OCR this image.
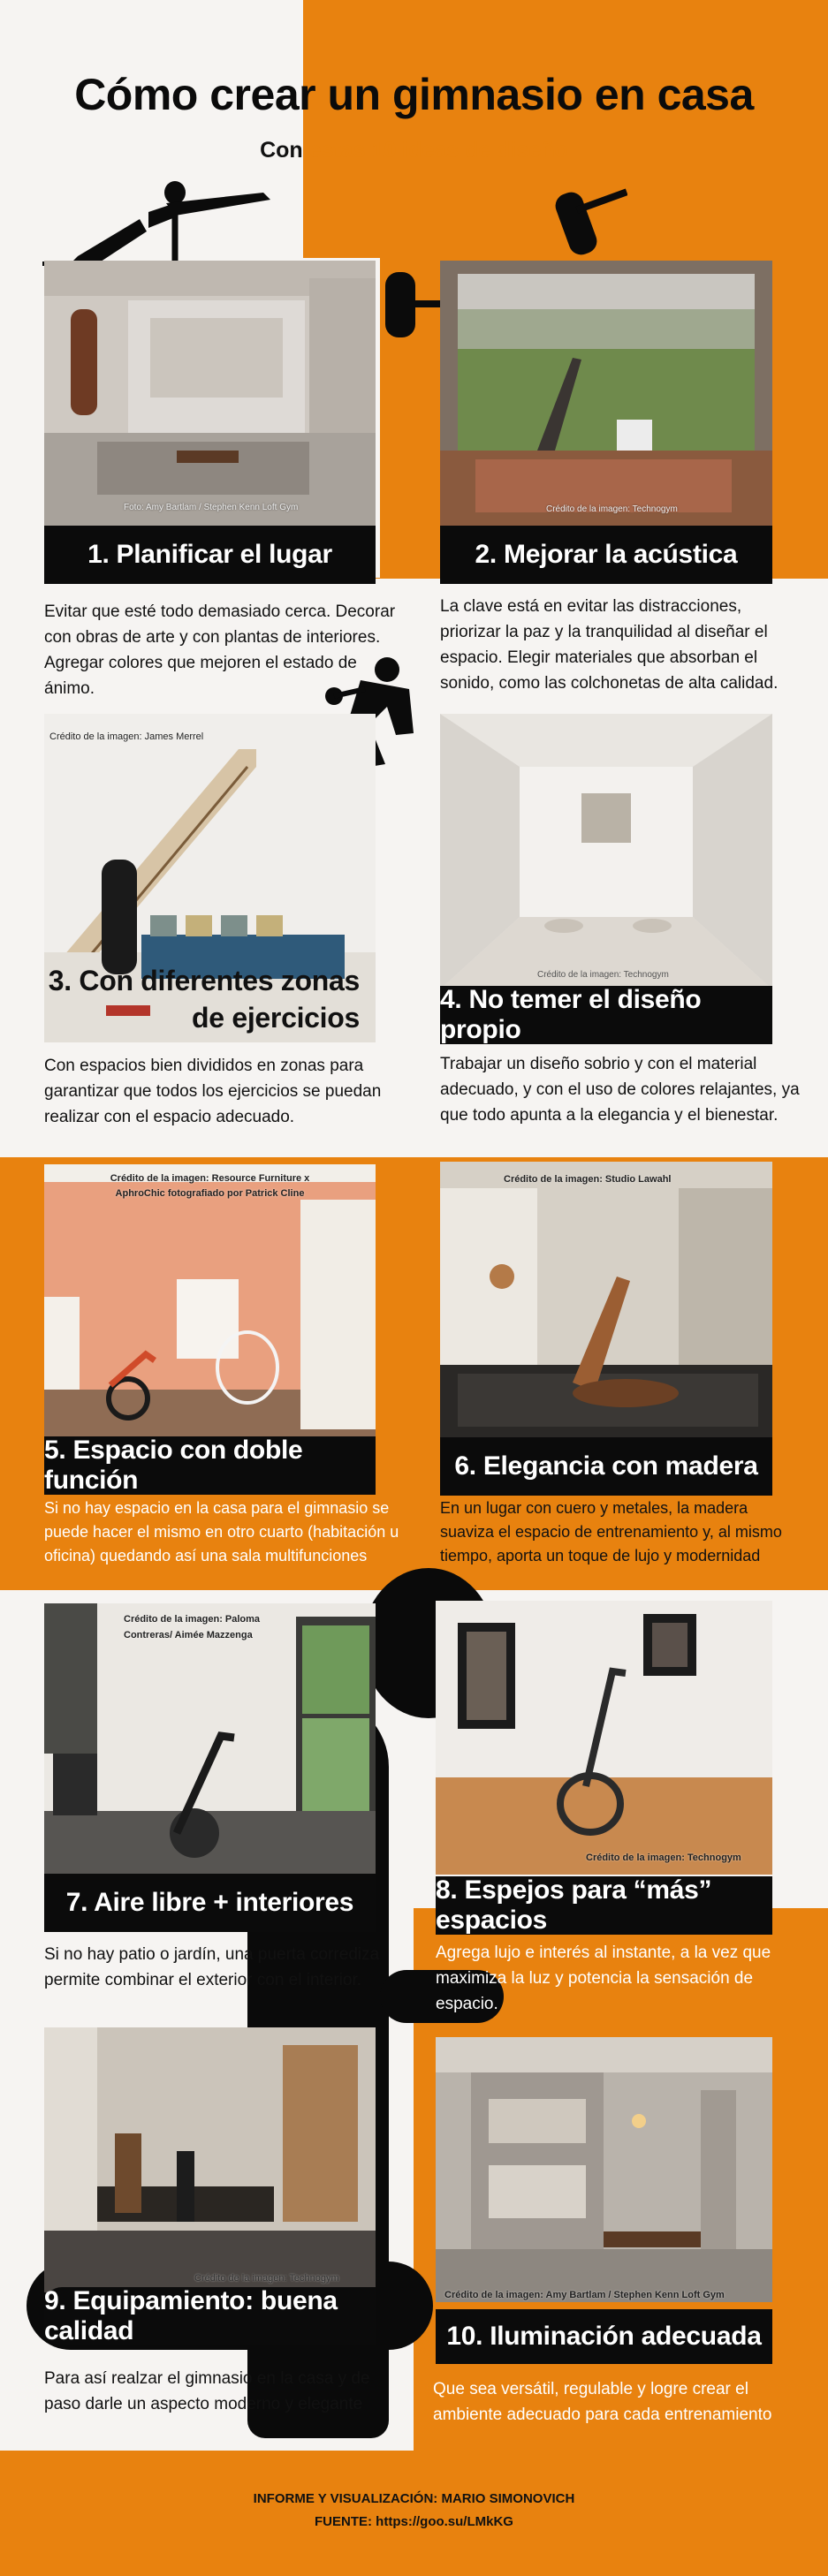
Cómo crear un gimnasio en casa
Con estas 10 ideas de diseño
Foto: Amy Bartlam / Stephen Kenn Loft Gym
1. Planificar el lugar
Evitar que esté todo demasiado cerca. Decorar con obras de arte y con plantas de interiores. Agregar colores que mejoren el estado de ánimo.
Crédito de la imagen: Technogym
2. Mejorar la acústica
La clave está en evitar las distracciones, priorizar la paz y la tranquilidad al diseñar el espacio. Elegir materiales que absorban el sonido, como las colchonetas de alta calidad.
Crédito de la imagen: James Merrel
3. Con diferentes zonas
de ejercicios
Con espacios bien divididos en zonas para garantizar que todos los ejercicios se puedan realizar con el espacio adecuado.
Crédito de la imagen: Technogym
4. No temer el diseño propio
Trabajar un diseño sobrio y con el material adecuado, y con el uso de colores relajantes, ya que todo apunta a la elegancia y el bienestar.
Crédito de la imagen: Resource Furniture x
AphroChic fotografiado por Patrick Cline
5. Espacio con doble función
Si no hay espacio en la casa para el gimnasio se puede hacer el mismo en otro cuarto (habitación u oficina) quedando así una sala multifunciones
Crédito de la imagen: Studio Lawahl
6. Elegancia con madera
En un lugar con cuero y metales, la madera suaviza el espacio de entrenamiento y, al mismo tiempo, aporta un toque de lujo y modernidad
Crédito de la imagen: Paloma
Contreras/ Aimée Mazzenga
7. Aire libre + interiores
Si no hay patio o jardín, una puerta corrediza permite combinar el exterior con el interior.
Crédito de la imagen: Technogym
8. Espejos para “más” espacios
Agrega lujo e interés al instante, a la vez que maximiza la luz y potencia la sensación de espacio.
Crédito de la imagen: Technogym
9. Equipamiento: buena calidad
Para así realzar el gimnasio en la casa y de paso darle un aspecto moderno y elegante
Crédito de la imagen: Amy Bartlam / Stephen Kenn Loft Gym
10. Iluminación adecuada
Que sea versátil, regulable y logre crear el ambiente adecuado para cada entrenamiento
INFORME Y VISUALIZACIÓN: MARIO SIMONOVICH
FUENTE: https://goo.su/LMkKG
